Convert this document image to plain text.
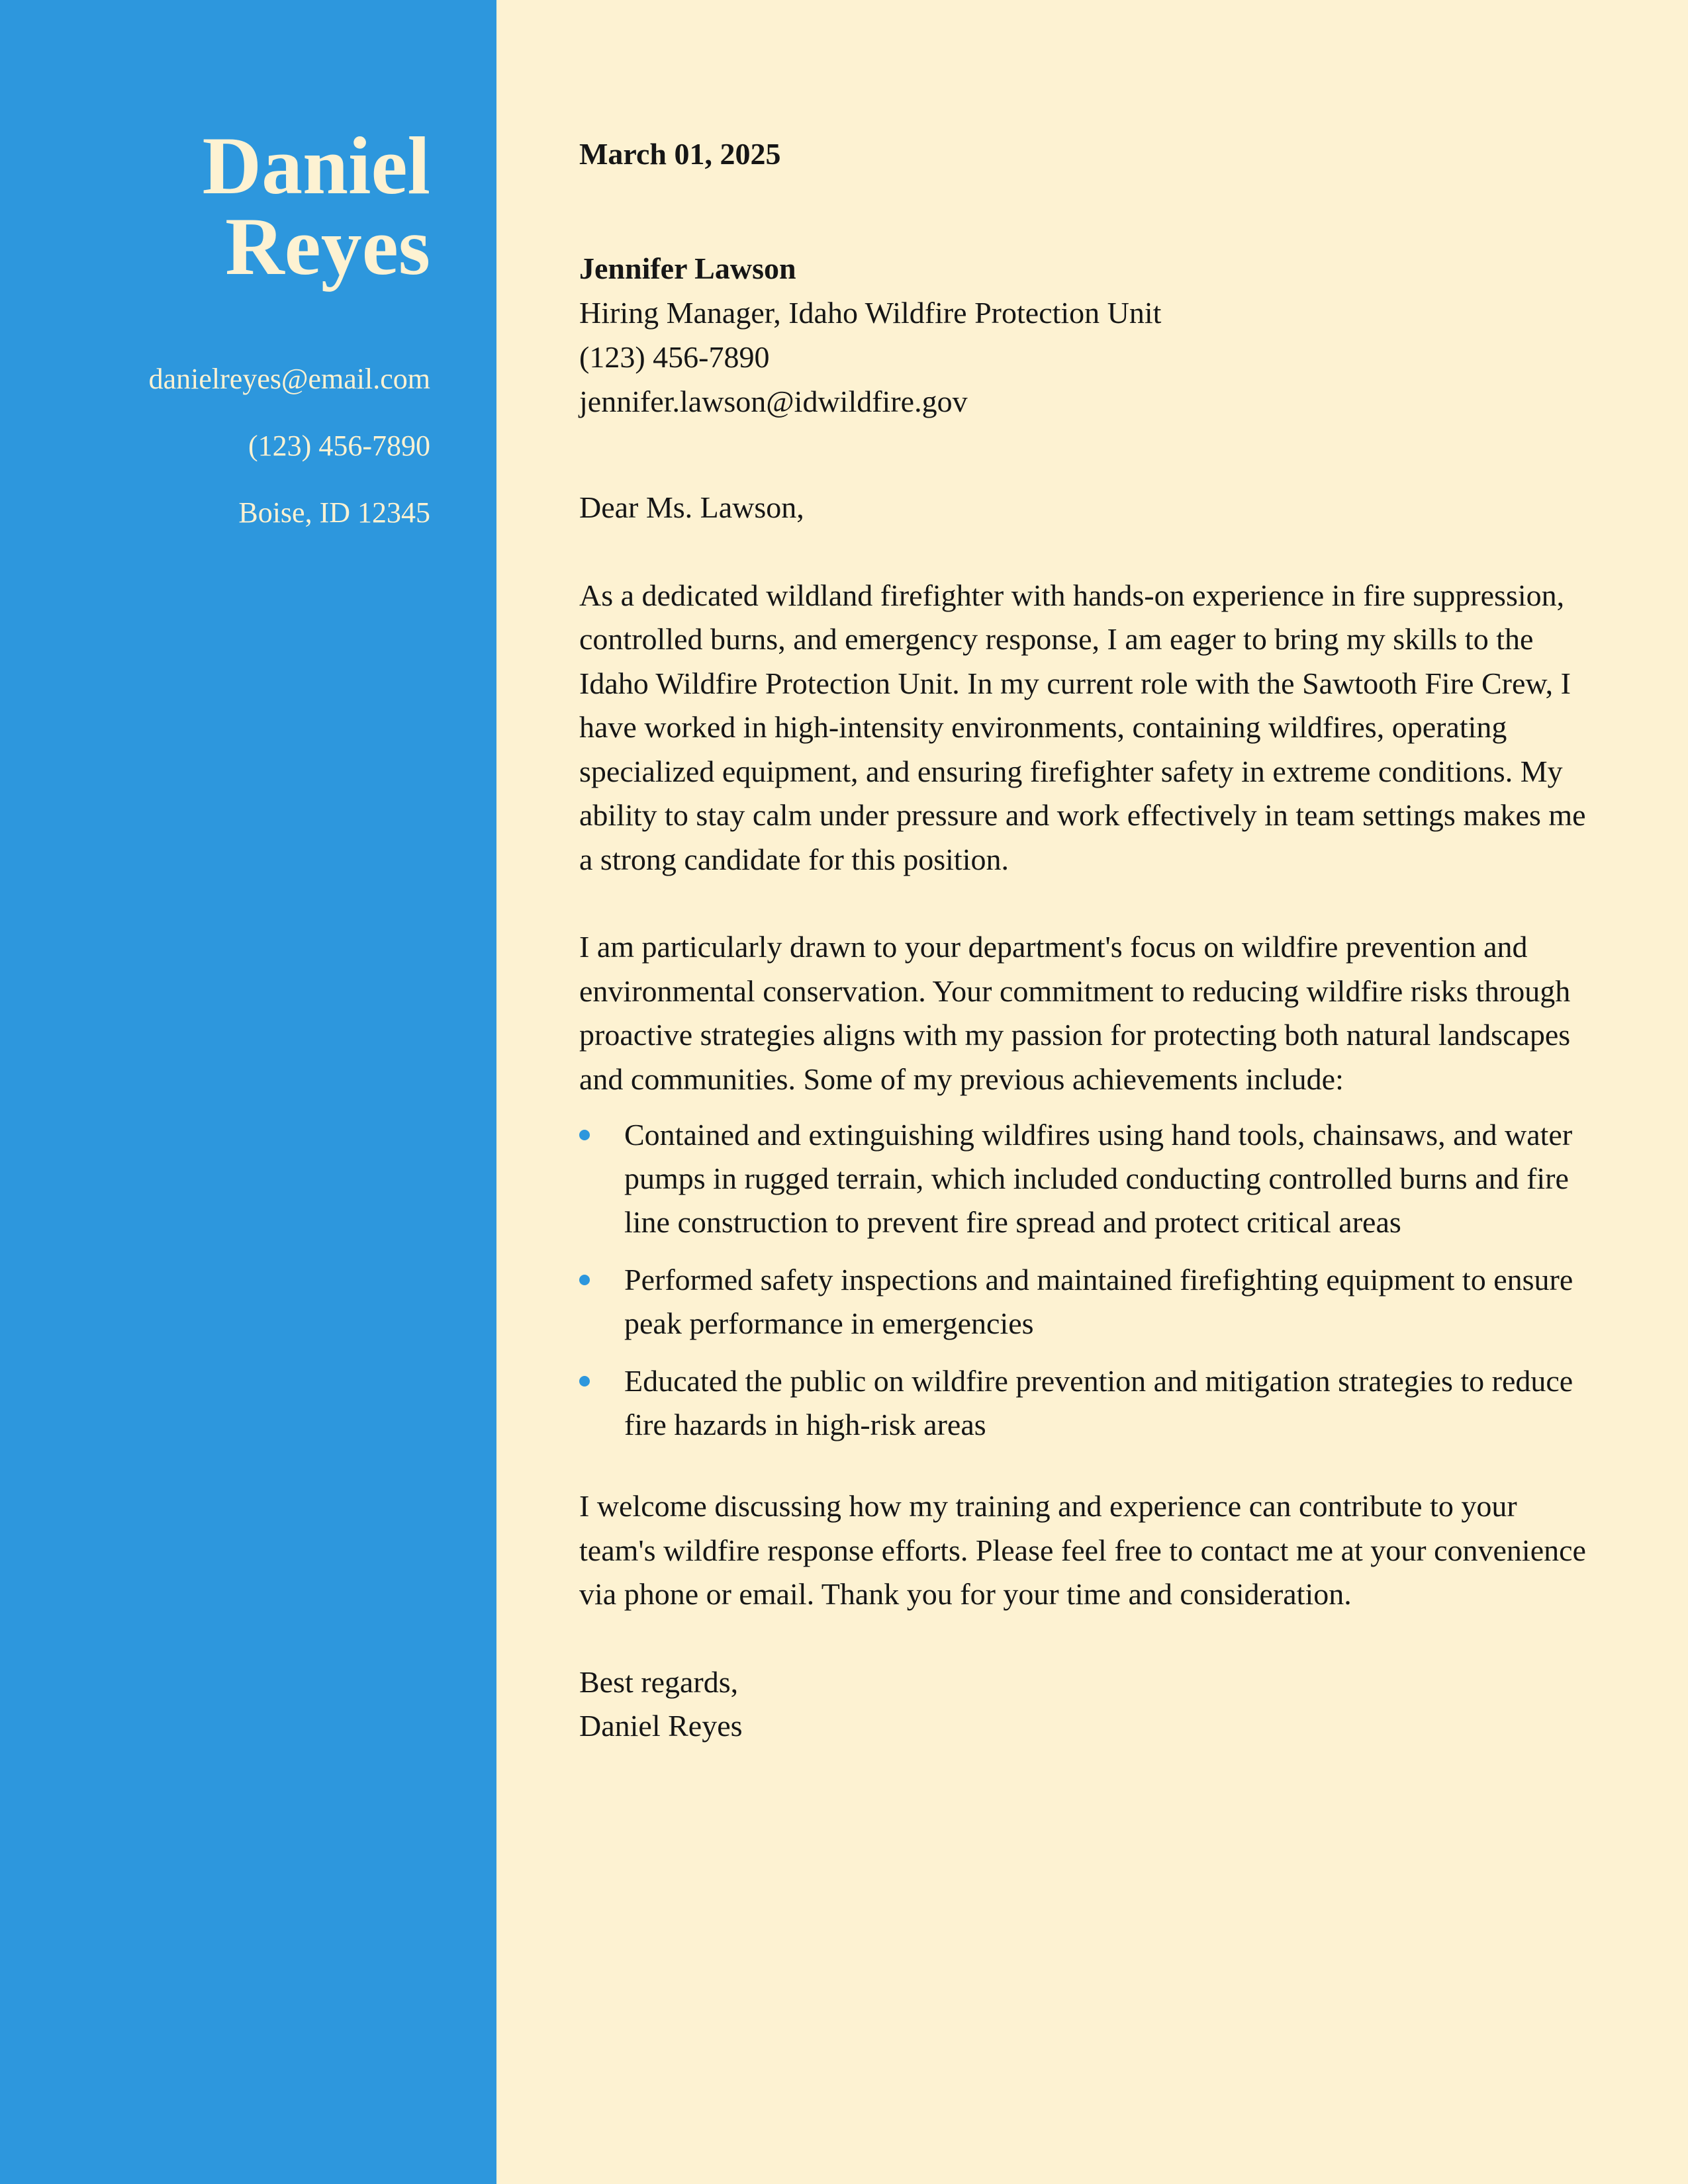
Daniel
Reyes
danielreyes@email.com
(123) 456-7890
Boise, ID 12345
March 01, 2025
Jennifer Lawson
Hiring Manager, Idaho Wildfire Protection Unit
(123) 456-7890
jennifer.lawson@idwildfire.gov

Dear Ms. Lawson,

As a dedicated wildland firefighter with hands-on experience in fire suppression, controlled burns, and emergency response, I am eager to bring my skills to the Idaho Wildfire Protection Unit. In my current role with the Sawtooth Fire Crew, I have worked in high-intensity environments, containing wildfires, operating specialized equipment, and ensuring firefighter safety in extreme conditions. My ability to stay calm under pressure and work effectively in team settings makes me a strong candidate for this position.

I am particularly drawn to your department's focus on wildfire prevention and environmental conservation. Your commitment to reducing wildfire risks through proactive strategies aligns with my passion for protecting both natural landscapes and communities. Some of my previous achievements include:

Contained and extinguishing wildfires using hand tools, chainsaws, and water pumps in rugged terrain, which included conducting controlled burns and fire line construction to prevent fire spread and protect critical areas
Performed safety inspections and maintained firefighting equipment to ensure peak performance in emergencies
Educated the public on wildfire prevention and mitigation strategies to reduce fire hazards in high-risk areas

I welcome discussing how my training and experience can contribute to your team's wildfire response efforts. Please feel free to contact me at your convenience via phone or email. Thank you for your time and consideration.

Best regards,
Daniel Reyes
